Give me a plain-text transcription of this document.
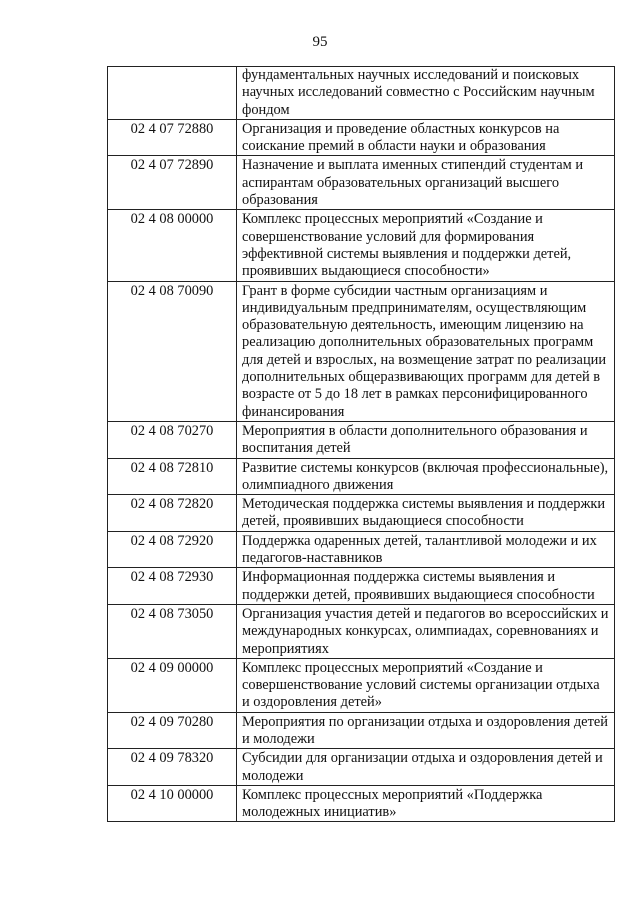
95
	фундаментальных научных исследований и поисковых научных исследований совместно с Российским научным фондом
02 4 07 72880	Организация и проведение областных конкурсов на соискание премий в области науки и образования
02 4 07 72890	Назначение и выплата именных стипендий студентам и аспирантам образовательных организаций высшего образования
02 4 08 00000	Комплекс процессных мероприятий «Создание и совершенствование условий для формирования эффективной системы выявления и поддержки детей, проявивших выдающиеся способности»
02 4 08 70090	Грант в форме субсидии частным организациям и индивидуальным предпринимателям, осуществляющим образовательную деятельность, имеющим лицензию на реализацию дополнительных образовательных программ для детей и взрослых, на возмещение затрат по реализации дополнительных общеразвивающих программ для детей в возрасте от 5 до 18 лет в рамках персонифицированного финансирования
02 4 08 70270	Мероприятия в области дополнительного образования и воспитания детей
02 4 08 72810	Развитие системы конкурсов (включая профессиональные), олимпиадного движения
02 4 08 72820	Методическая поддержка системы выявления и поддержки детей, проявивших выдающиеся способности
02 4 08 72920	Поддержка одаренных детей, талантливой молодежи и их педагогов-наставников
02 4 08 72930	Информационная поддержка системы выявления и поддержки детей, проявивших выдающиеся способности
02 4 08 73050	Организация участия детей и педагогов во всероссийских и международных конкурсах, олимпиадах, соревнованиях и мероприятиях
02 4 09 00000	Комплекс процессных мероприятий «Создание и совершенствование условий системы организации отдыха и оздоровления детей»
02 4 09 70280	Мероприятия по организации отдыха и оздоровления детей и молодежи
02 4 09 78320	Субсидии для организации отдыха и оздоровления детей и молодежи
02 4 10 00000	Комплекс процессных мероприятий «Поддержка молодежных инициатив»
